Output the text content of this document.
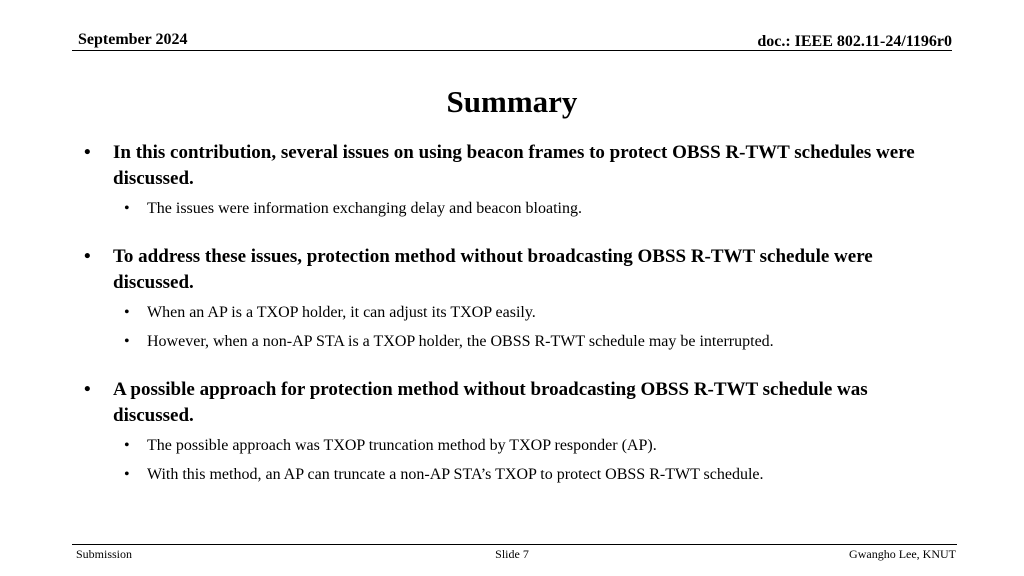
September 2024	doc.: IEEE 802.11-24/1196r0
Summary
• In this contribution, several issues on using beacon frames to protect OBSS R-TWT schedules were discussed.
• The issues were information exchanging delay and beacon bloating.
• To address these issues, protection method without broadcasting OBSS R-TWT schedule were discussed.
• When an AP is a TXOP holder, it can adjust its TXOP easily.
• However, when a non-AP STA is a TXOP holder, the OBSS R-TWT schedule may be interrupted.
• A possible approach for protection method without broadcasting OBSS R-TWT schedule was discussed.
• The possible approach was TXOP truncation method by TXOP responder (AP).
• With this method, an AP can truncate a non-AP STA’s TXOP to protect OBSS R-TWT schedule.
Submission	Slide 7	Gwangho Lee, KNUT
